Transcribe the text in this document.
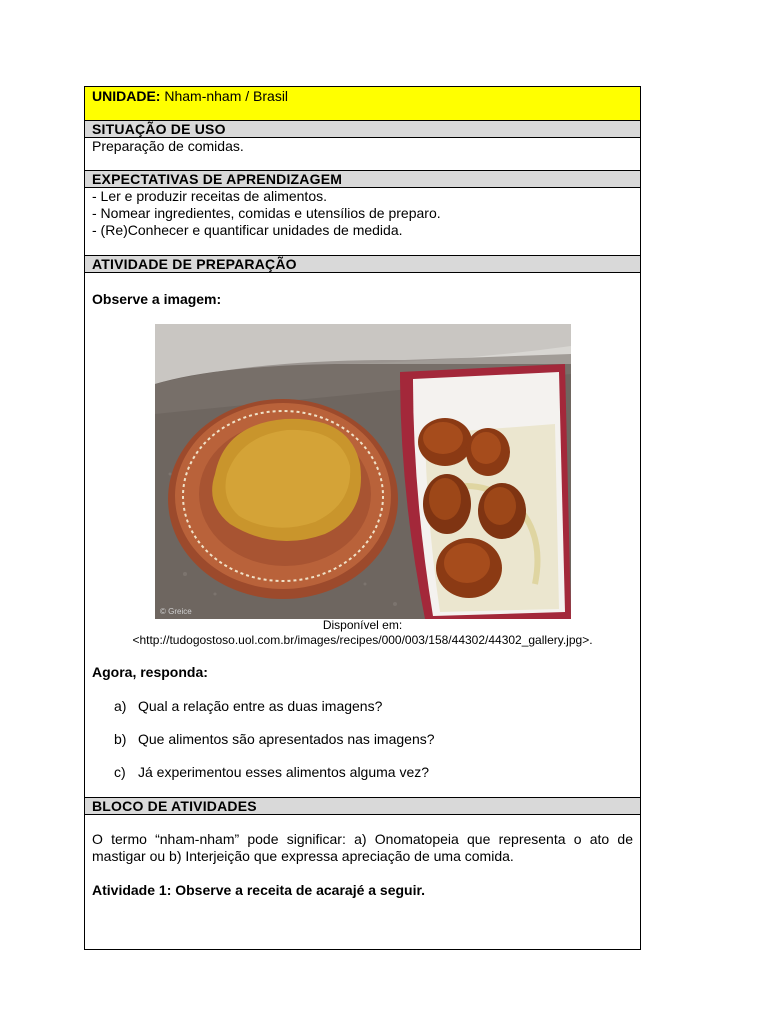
UNIDADE: Nham-nham / Brasil
SITUAÇÃO DE USO
Preparação de comidas.
EXPECTATIVAS DE APRENDIZAGEM
- Ler e produzir receitas de alimentos.
- Nomear ingredientes, comidas e utensílios de preparo.
- (Re)Conhecer e quantificar unidades de medida.
ATIVIDADE DE PREPARAÇÃO
Observe a imagem:
© Greice
Disponível em:
<http://tudogostoso.uol.com.br/images/recipes/000/003/158/44302/44302_gallery.jpg>.
Agora, responda:
a) Qual a relação entre as duas imagens?
b) Que alimentos são apresentados nas imagens?
c) Já experimentou esses alimentos alguma vez?
BLOCO DE ATIVIDADES
O termo “nham-nham” pode significar: a) Onomatopeia que representa o ato de mastigar ou b) Interjeição que expressa apreciação de uma comida.
Atividade 1: Observe a receita de acarajé a seguir.
